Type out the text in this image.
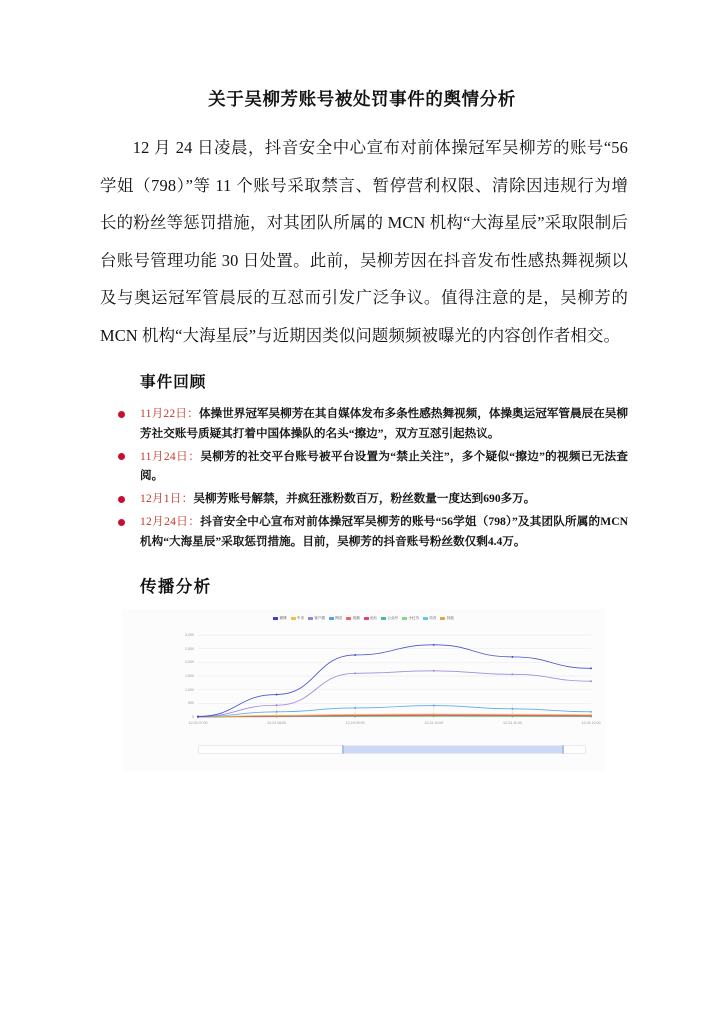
关于吴柳芳账号被处罚事件的舆情分析

12 月 24 日凌晨，抖音安全中心宣布对前体操冠军吴柳芳的账号“56 学姐（798）”等 11 个账号采取禁言、暂停营利权限、清除因违规行为增长的粉丝等惩罚措施，对其团队所属的 MCN 机构“大海星辰”采取限制后台账号管理功能 30 日处置。此前，吴柳芳因在抖音发布性感热舞视频以及与奥运冠军管晨辰的互怼而引发广泛争议。值得注意的是，吴柳芳的 MCN 机构“大海星辰”与近期因类似问题频频被曝光的内容创作者相交。

事件回顾
11月22日：体操世界冠军吴柳芳在其自媒体发布多条性感热舞视频，体操奥运冠军管晨辰在吴柳芳社交账号质疑其打着中国体操队的名头“擦边”，双方互怼引起热议。
11月24日：吴柳芳的社交平台账号被平台设置为“禁止关注”，多个疑似“擦边”的视频已无法查阅。
12月1日：吴柳芳账号解禁，并疯狂涨粉数百万，粉丝数量一度达到690多万。
12月24日：抖音安全中心宣布对前体操冠军吴柳芳的账号“56学姐（798）”及其团队所属的MCN机构“大海星辰”采取惩罚措施。目前，吴柳芳的抖音账号粉丝数仅剩4.4万。
传播分析
微博	中央	客户端	网页	视频	论坛	公众号	小红书	抖音	其他
0
500
1,000
1,500
2,000
2,500
3,000
12.24 07:00	12.24 08:00	12.24 09:00	12.24 10:00	12.24 11:00	12.24 12:00
